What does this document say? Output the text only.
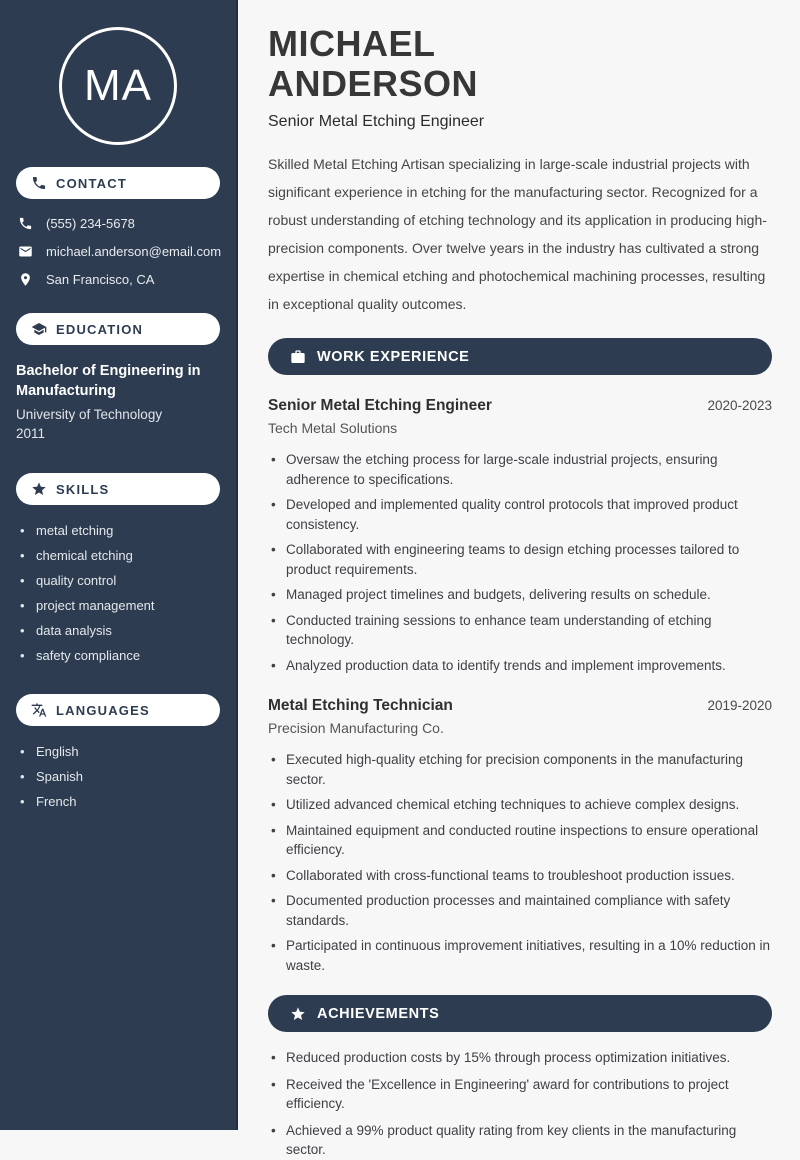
MA
CONTACT
(555) 234-5678
michael.anderson@email.com
San Francisco, CA
EDUCATION
Bachelor of Engineering in Manufacturing
University of Technology
2011
SKILLS
• metal etching
• chemical etching
• quality control
• project management
• data analysis
• safety compliance
LANGUAGES
• English
• Spanish
• French
MICHAEL
ANDERSON
Senior Metal Etching Engineer

Skilled Metal Etching Artisan specializing in large-scale industrial projects with significant experience in etching for the manufacturing sector. Recognized for a robust understanding of etching technology and its application in producing high-precision components. Over twelve years in the industry has cultivated a strong expertise in chemical etching and photochemical machining processes, resulting in exceptional quality outcomes.

WORK EXPERIENCE
Senior Metal Etching Engineer	2020-2023
Tech Metal Solutions
• Oversaw the etching process for large-scale industrial projects, ensuring adherence to specifications.
• Developed and implemented quality control protocols that improved product consistency.
• Collaborated with engineering teams to design etching processes tailored to product requirements.
• Managed project timelines and budgets, delivering results on schedule.
• Conducted training sessions to enhance team understanding of etching technology.
• Analyzed production data to identify trends and implement improvements.
Metal Etching Technician	2019-2020
Precision Manufacturing Co.
• Executed high-quality etching for precision components in the manufacturing sector.
• Utilized advanced chemical etching techniques to achieve complex designs.
• Maintained equipment and conducted routine inspections to ensure operational efficiency.
• Collaborated with cross-functional teams to troubleshoot production issues.
• Documented production processes and maintained compliance with safety standards.
• Participated in continuous improvement initiatives, resulting in a 10% reduction in waste.
ACHIEVEMENTS
• Reduced production costs by 15% through process optimization initiatives.
• Received the 'Excellence in Engineering' award for contributions to project efficiency.
• Achieved a 99% product quality rating from key clients in the manufacturing sector.
